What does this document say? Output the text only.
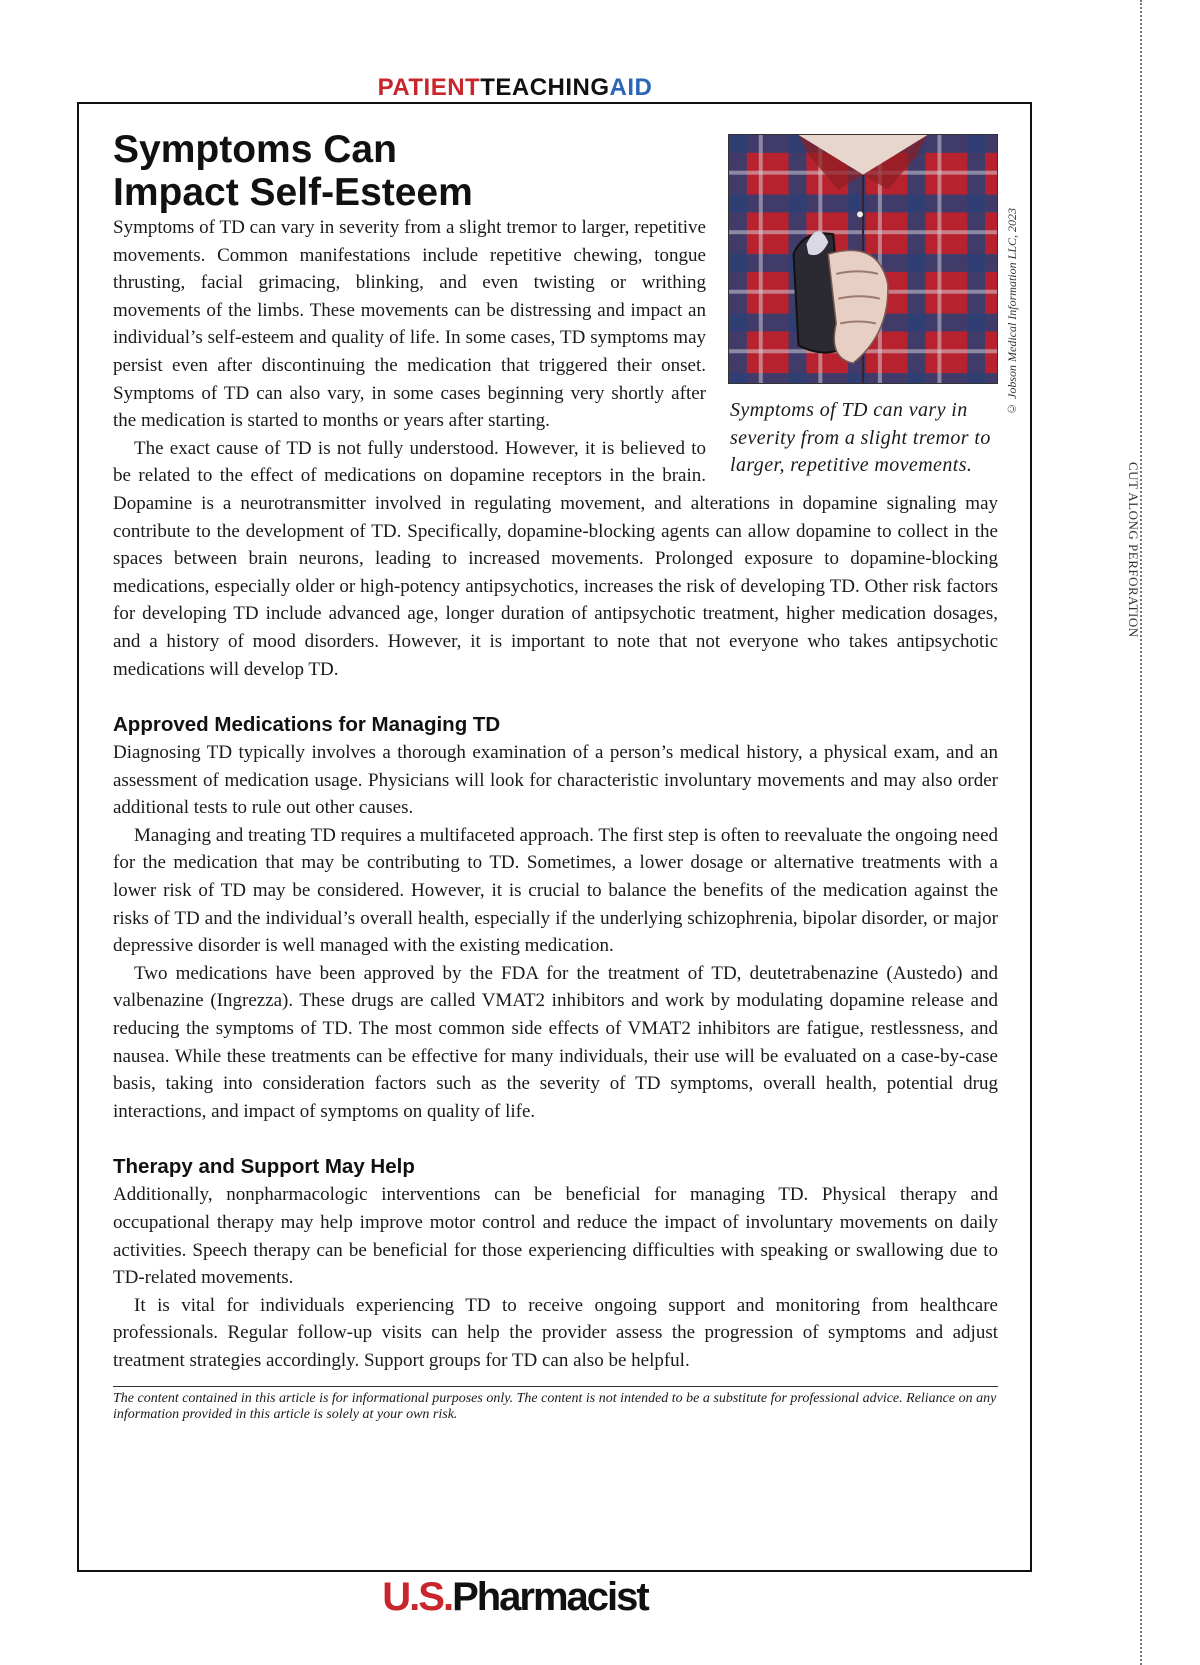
PATIENTTEACHINGAID
CUT ALONG PERFORATION
© Jobson Medical Information LLC, 2023
Symptoms of TD can vary in severity from a slight tremor to larger, repetitive movements.
Symptoms Can
Impact Self-Esteem

Symptoms of TD can vary in severity from a slight tremor to larger, repetitive movements. Common manifestations include repetitive chewing, tongue thrusting, facial grimacing, blinking, and even twisting or writhing movements of the limbs. These movements can be distressing and impact an individual’s self-esteem and quality of life. In some cases, TD symptoms may persist even after discontinuing the medication that triggered their onset. Symptoms of TD can also vary, in some cases beginning very shortly after the medication is started to months or years after starting.

The exact cause of TD is not fully understood. However, it is believed to be related to the effect of medications on dopamine receptors in the brain. Dopamine is a neurotransmitter involved in regulating movement, and alterations in dopamine signaling may contribute to the development of TD. Specifically, dopamine-blocking agents can allow dopamine to collect in the spaces between brain neurons, leading to increased movements. Prolonged exposure to dopamine-blocking medications, especially older or high-potency antipsychotics, increases the risk of developing TD. Other risk factors for developing TD include advanced age, longer duration of antipsychotic treatment, higher medication dosages, and a history of mood disorders. However, it is important to note that not everyone who takes antipsychotic medications will develop TD.

Approved Medications for Managing TD

Diagnosing TD typically involves a thorough examination of a person’s medical history, a physical exam, and an assessment of medication usage. Physicians will look for characteristic involuntary movements and may also order additional tests to rule out other causes.

Managing and treating TD requires a multifaceted approach. The first step is often to reevaluate the ongoing need for the medication that may be contributing to TD. Sometimes, a lower dosage or alternative treatments with a lower risk of TD may be considered. However, it is crucial to balance the benefits of the medication against the risks of TD and the individual’s overall health, especially if the underlying schizophrenia, bipolar disorder, or major depressive disorder is well managed with the existing medication.

Two medications have been approved by the FDA for the treatment of TD, deutetrabenazine (Austedo) and valbenazine (Ingrezza). These drugs are called VMAT2 inhibitors and work by modulating dopamine release and reducing the symptoms of TD. The most common side effects of VMAT2 inhibitors are fatigue, restlessness, and nausea. While these treatments can be effective for many individuals, their use will be evaluated on a case-by-case basis, taking into consideration factors such as the severity of TD symptoms, overall health, potential drug interactions, and impact of symptoms on quality of life.

Therapy and Support May Help

Additionally, nonpharmacologic interventions can be beneficial for managing TD. Physical therapy and occupational therapy may help improve motor control and reduce the impact of involuntary movements on daily activities. Speech therapy can be beneficial for those experiencing difficulties with speaking or swallowing due to TD-related movements.

It is vital for individuals experiencing TD to receive ongoing support and monitoring from healthcare professionals. Regular follow-up visits can help the provider assess the progression of symptoms and adjust treatment strategies accordingly. Support groups for TD can also be helpful.

The content contained in this article is for informational purposes only. The content is not intended to be a substitute for professional advice. Reliance on any information provided in this article is solely at your own risk.
U.S.Pharmacist
